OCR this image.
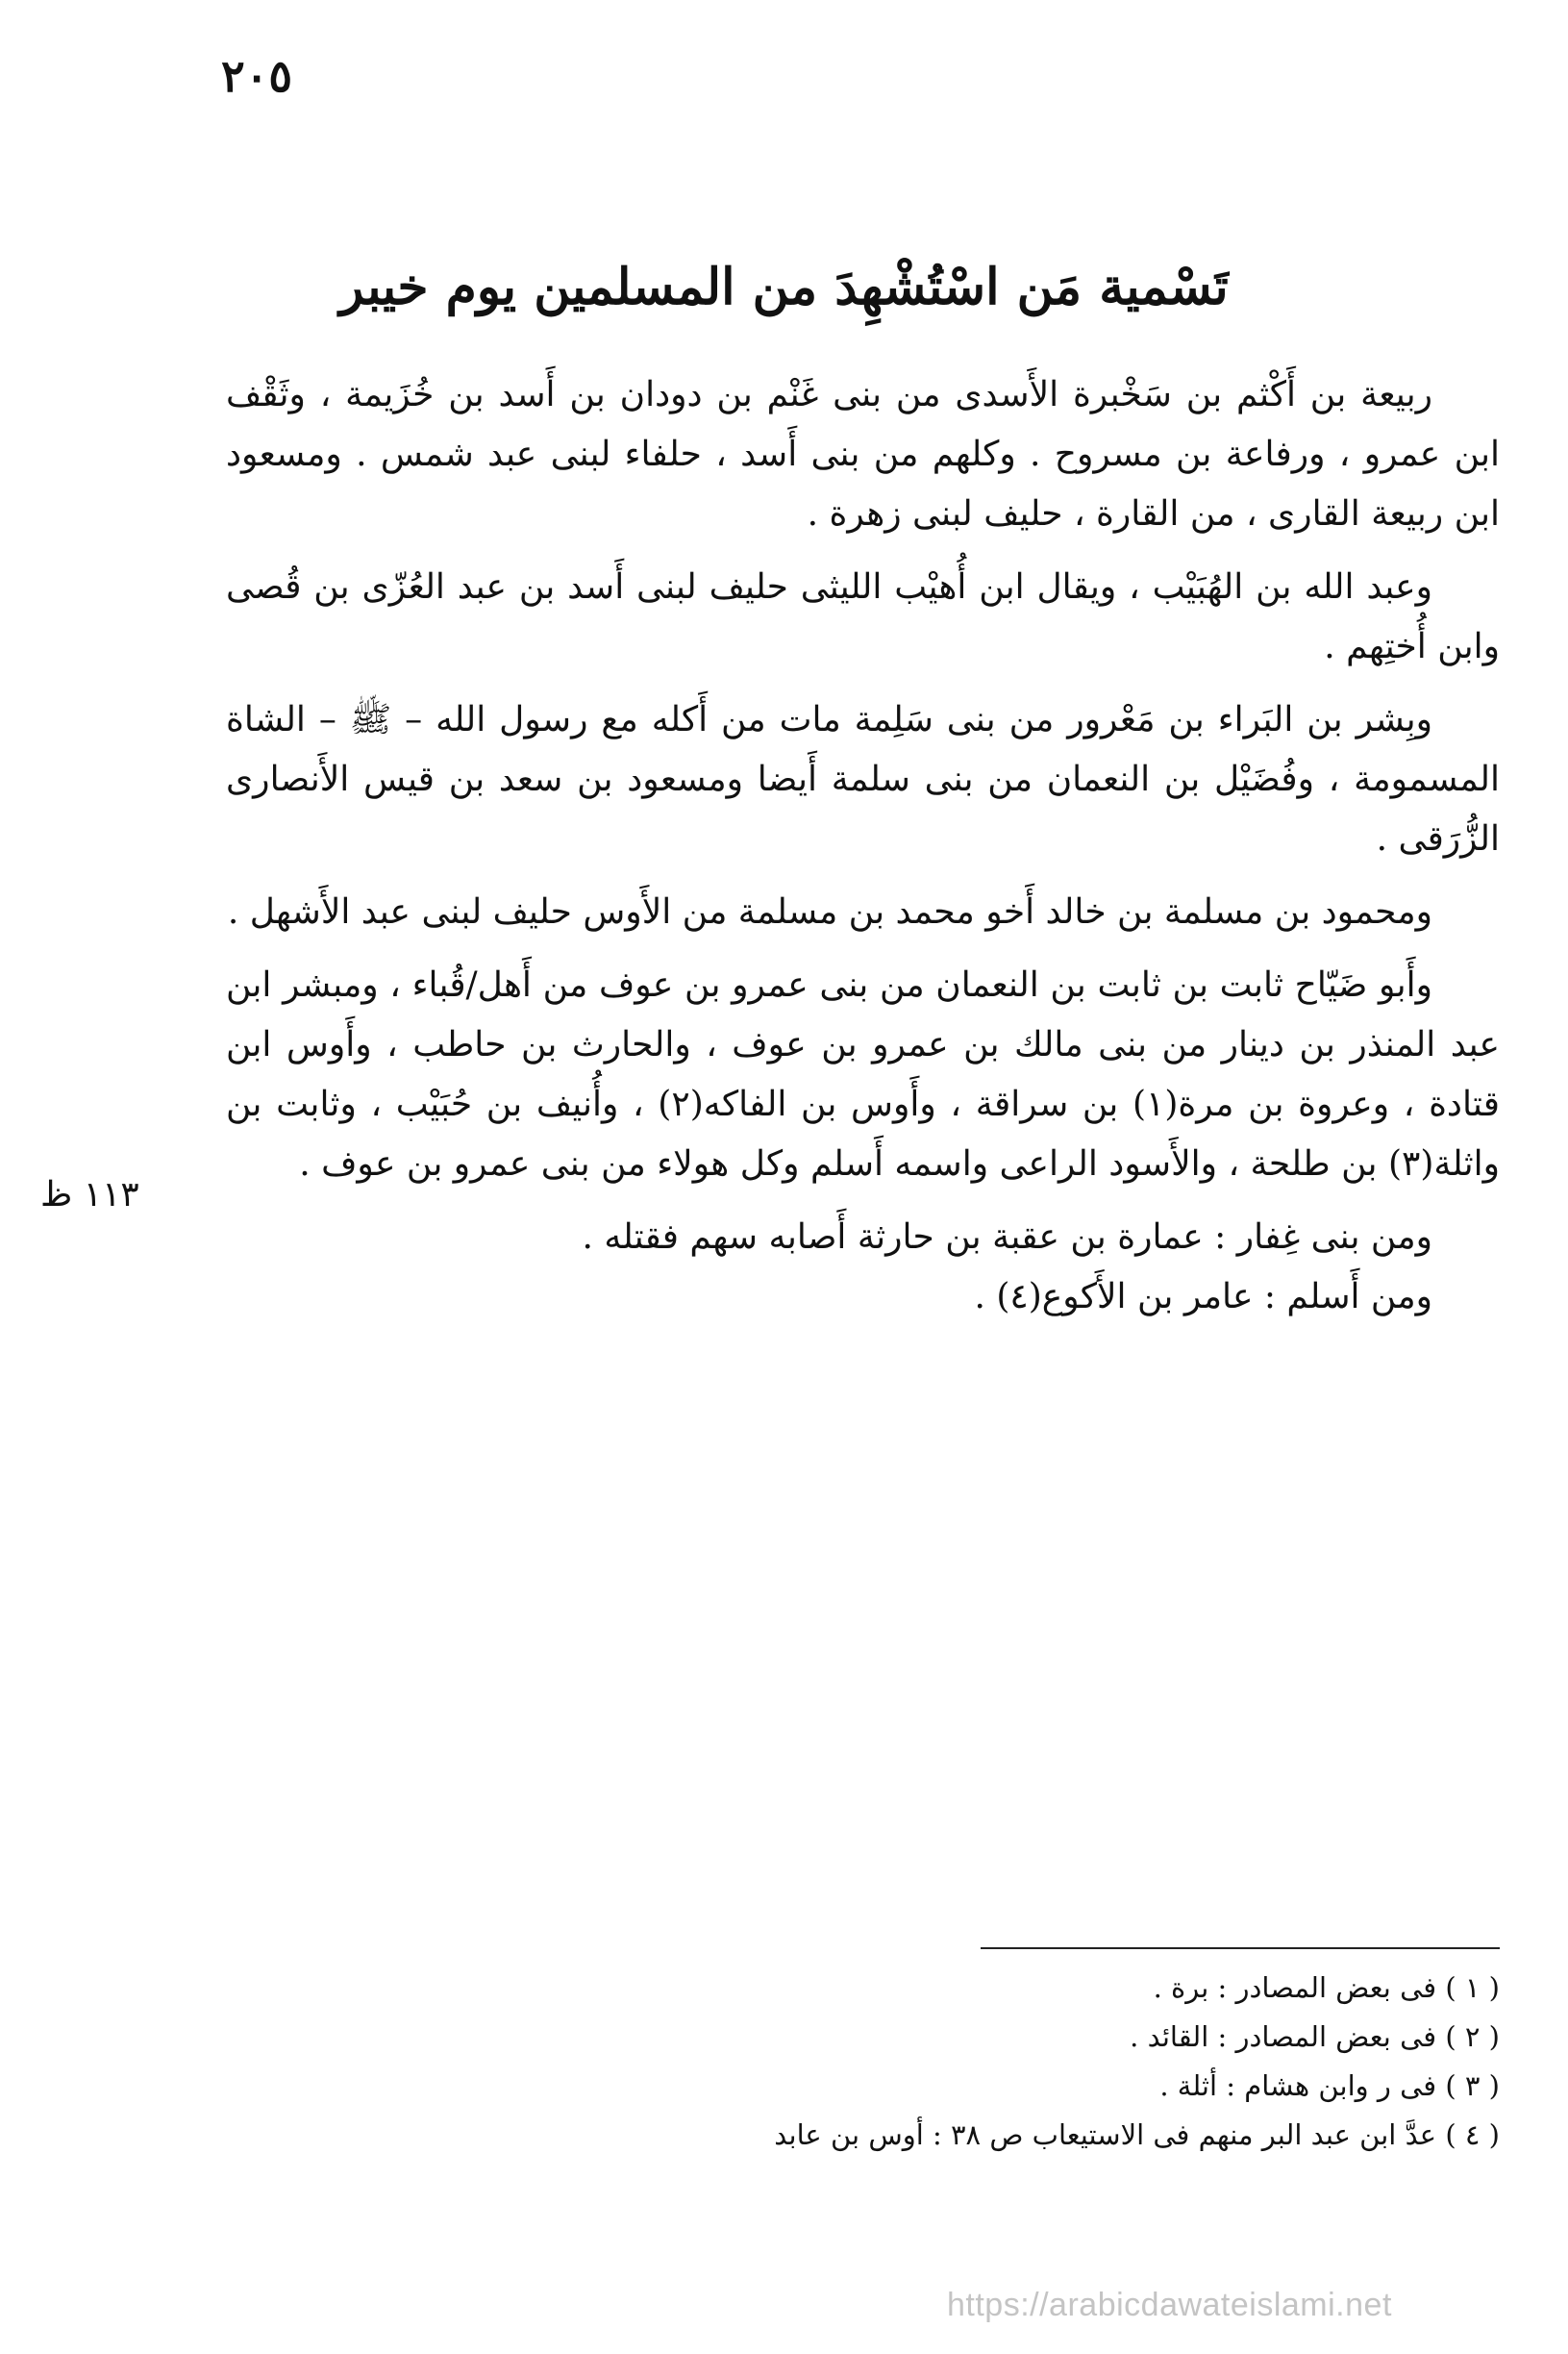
٢٠٥
تَسْمية مَن اسْتُشْهِدَ من المسلمين يوم خيبر

ربيعة بن أَكْثم بن سَخْبرة الأَسدى من بنى غَنْم بن دودان بن أَسد بن خُزَيمة ، وثَقْف ابن عمرو ، ورفاعة بن مسروح . وكلهم من بنى أَسد ، حلفاء لبنى عبد شمس . ومسعود ابن ربيعة القارى ، من القارة ، حليف لبنى زهرة .

وعبد الله بن الهُبَيْب ، ويقال ابن أُهيْب الليثى حليف لبنى أَسد بن عبد العُزّى بن قُصى وابن أُختِهم .

وبِشر بن البَراء بن مَعْرور من بنى سَلِمة مات من أَكله مع رسول الله – ﷺ – الشاة المسمومة ، وفُضَيْل بن النعمان من بنى سلمة أَيضا ومسعود بن سعد بن قيس الأَنصارى الزُّرَقى .

ومحمود بن مسلمة بن خالد أَخو محمد بن مسلمة من الأَوس حليف لبنى عبد الأَشهل .

وأَبو ضَيّاح ثابت بن ثابت بن النعمان من بنى عمرو بن عوف من أَهل/قُباء ، ومبشر ابن عبد المنذر بن دينار من بنى مالك بن عمرو بن عوف ، والحارث بن حاطب ، وأَوس ابن قتادة ، وعروة بن مرة(١) بن سراقة ، وأَوس بن الفاكه(٢) ، وأُنيف بن حُبَيْب ، وثابت بن واثلة(٣) بن طلحة ، والأَسود الراعى واسمه أَسلم وكل هولاء من بنى عمرو بن عوف .

ومن بنى غِفار : عمارة بن عقبة بن حارثة أَصابه سهم فقتله .

ومن أَسلم : عامر بن الأَكوع(٤) .

١١٣ ظ

( ١ ) فى بعض المصادر : برة .

( ٢ ) فى بعض المصادر : القائد .

( ٣ ) فى ر وابن هشام : أثلة .

( ٤ ) عدَّ ابن عبد البر منهم فى الاستيعاب ص ٣٨ : أوس بن عابد

https://arabicdawateislami.net
